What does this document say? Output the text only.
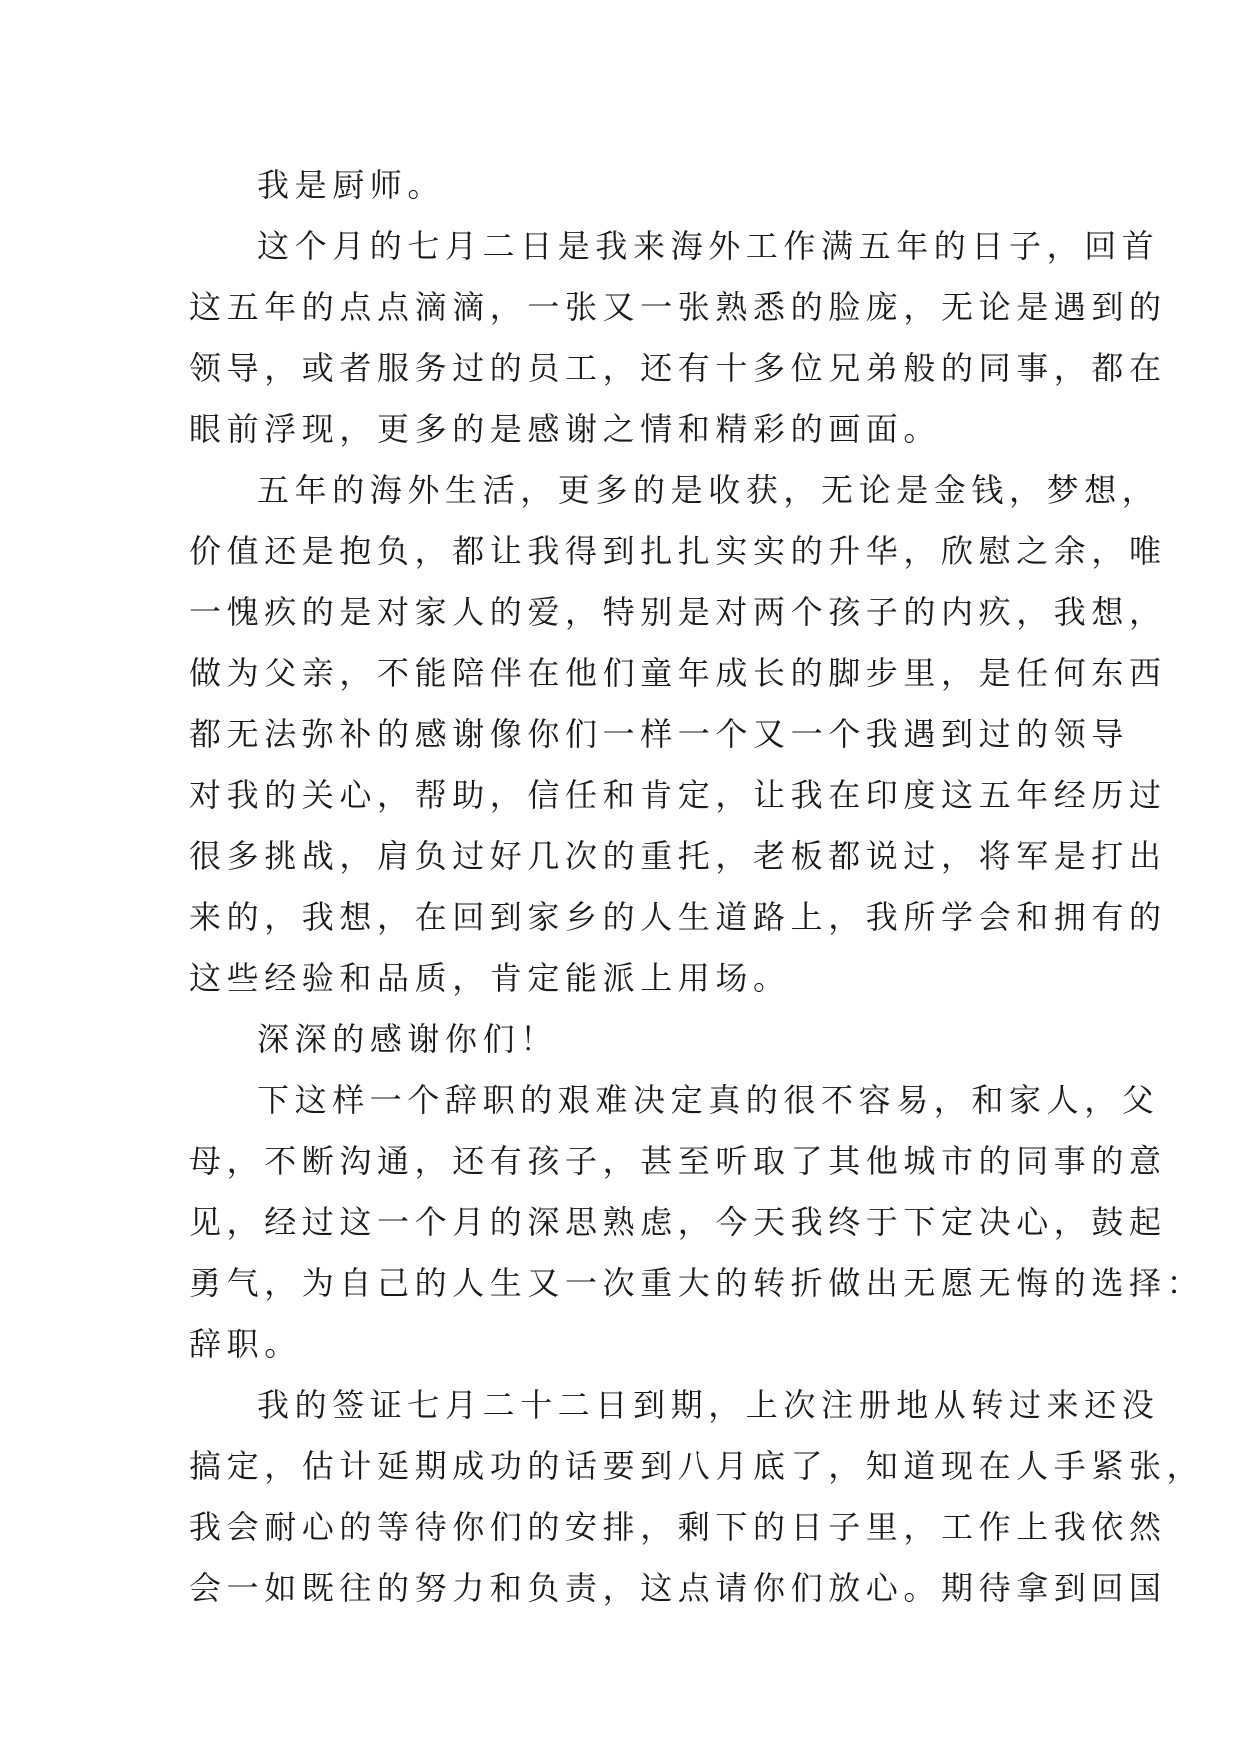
我是厨师。
这个月的七月二日是我来海外工作满五年的日子，回首
这五年的点点滴滴，一张又一张熟悉的脸庞，无论是遇到的
领导，或者服务过的员工，还有十多位兄弟般的同事，都在
眼前浮现，更多的是感谢之情和精彩的画面。
五年的海外生活，更多的是收获，无论是金钱，梦想，
价值还是抱负，都让我得到扎扎实实的升华，欣慰之余，唯
一愧疚的是对家人的爱，特别是对两个孩子的内疚，我想，
做为父亲，不能陪伴在他们童年成长的脚步里，是任何东西
都无法弥补的感谢像你们一样一个又一个我遇到过的领导
对我的关心，帮助，信任和肯定，让我在印度这五年经历过
很多挑战，肩负过好几次的重托，老板都说过，将军是打出
来的，我想，在回到家乡的人生道路上，我所学会和拥有的
这些经验和品质，肯定能派上用场。
深深的感谢你们！
下这样一个辞职的艰难决定真的很不容易，和家人，父
母，不断沟通，还有孩子，甚至听取了其他城市的同事的意
见，经过这一个月的深思熟虑，今天我终于下定决心，鼓起
勇气，为自己的人生又一次重大的转折做出无愿无悔的选择：
辞职。
我的签证七月二十二日到期，上次注册地从转过来还没
搞定，估计延期成功的话要到八月底了，知道现在人手紧张，
我会耐心的等待你们的安排，剩下的日子里，工作上我依然
会一如既往的努力和负责，这点请你们放心。期待拿到回国
